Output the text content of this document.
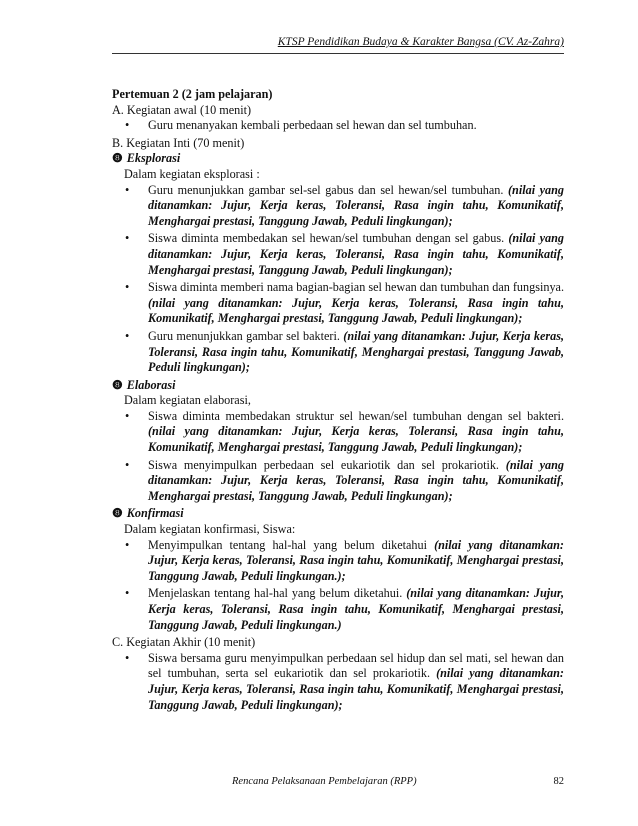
KTSP Pendidikan Budaya & Karakter Bangsa (CV. Az-Zahra)

Pertemuan 2 (2 jam pelajaran)

A. Kegiatan awal (10 menit)

• Guru menanyakan kembali perbedaan sel hewan dan sel tumbuhan.

B. Kegiatan Inti (70 menit)

❽ Eksplorasi

Dalam kegiatan eksplorasi :

• Guru menunjukkan gambar sel-sel gabus dan sel hewan/sel tumbuhan. (nilai yang ditanamkan: Jujur, Kerja keras, Toleransi, Rasa ingin tahu, Komunikatif, Menghargai prestasi, Tanggung Jawab, Peduli lingkungan);
• Siswa diminta membedakan sel hewan/sel tumbuhan dengan sel gabus. (nilai yang ditanamkan: Jujur, Kerja keras, Toleransi, Rasa ingin tahu, Komunikatif, Menghargai prestasi, Tanggung Jawab, Peduli lingkungan);
• Siswa diminta memberi nama bagian-bagian sel hewan dan tumbuhan dan fungsinya. (nilai yang ditanamkan: Jujur, Kerja keras, Toleransi, Rasa ingin tahu, Komunikatif, Menghargai prestasi, Tanggung Jawab, Peduli lingkungan);
• Guru menunjukkan gambar sel bakteri. (nilai yang ditanamkan: Jujur, Kerja keras, Toleransi, Rasa ingin tahu, Komunikatif, Menghargai prestasi, Tanggung Jawab, Peduli lingkungan);

❽ Elaborasi

Dalam kegiatan elaborasi,

• Siswa diminta membedakan struktur sel hewan/sel tumbuhan dengan sel bakteri. (nilai yang ditanamkan: Jujur, Kerja keras, Toleransi, Rasa ingin tahu, Komunikatif, Menghargai prestasi, Tanggung Jawab, Peduli lingkungan);
• Siswa menyimpulkan perbedaan sel eukariotik dan sel prokariotik. (nilai yang ditanamkan: Jujur, Kerja keras, Toleransi, Rasa ingin tahu, Komunikatif, Menghargai prestasi, Tanggung Jawab, Peduli lingkungan);

❽ Konfirmasi

Dalam kegiatan konfirmasi, Siswa:

• Menyimpulkan tentang hal-hal yang belum diketahui (nilai yang ditanamkan: Jujur, Kerja keras, Toleransi, Rasa ingin tahu, Komunikatif, Menghargai prestasi, Tanggung Jawab, Peduli lingkungan.);
• Menjelaskan tentang hal-hal yang belum diketahui. (nilai yang ditanamkan: Jujur, Kerja keras, Toleransi, Rasa ingin tahu, Komunikatif, Menghargai prestasi, Tanggung Jawab, Peduli lingkungan.)

C. Kegiatan Akhir (10 menit)

• Siswa bersama guru menyimpulkan perbedaan sel hidup dan sel mati, sel hewan dan sel tumbuhan, serta sel eukariotik dan sel prokariotik. (nilai yang ditanamkan: Jujur, Kerja keras, Toleransi, Rasa ingin tahu, Komunikatif, Menghargai prestasi, Tanggung Jawab, Peduli lingkungan);
Rencana Pelaksanaan Pembelajaran (RPP)	82
